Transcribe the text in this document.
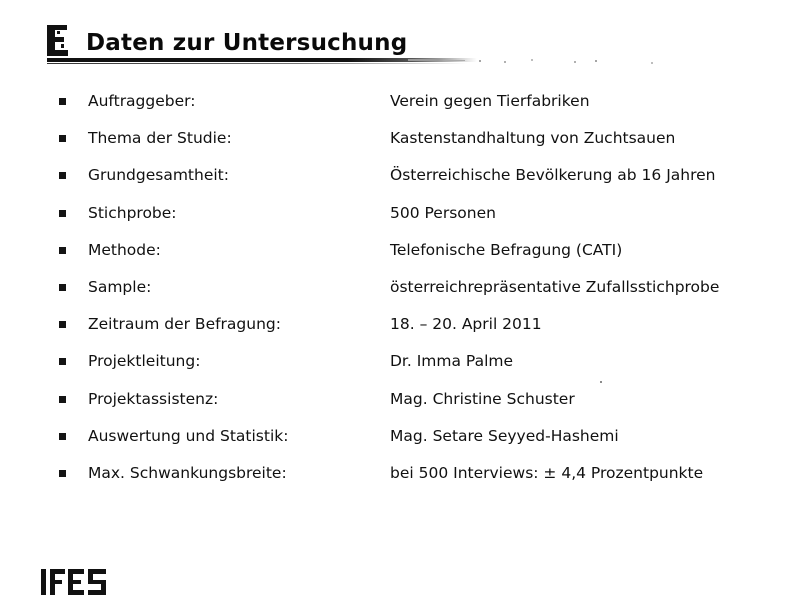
Daten zur Untersuchung
Auftraggeber:	Verein gegen Tierfabriken
Thema der Studie:	Kastenstandhaltung von Zuchtsauen
Grundgesamtheit:	Österreichische Bevölkerung ab 16 Jahren
Stichprobe:	500 Personen
Methode:	Telefonische Befragung (CATI)
Sample:	österreichrepräsentative Zufallsstichprobe
Zeitraum der Befragung:	18. – 20. April 2011
Projektleitung:	Dr. Imma Palme
Projektassistenz:	Mag. Christine Schuster
Auswertung und Statistik:	Mag. Setare Seyyed-Hashemi
Max. Schwankungsbreite:	bei 500 Interviews: ± 4,4 Prozentpunkte
